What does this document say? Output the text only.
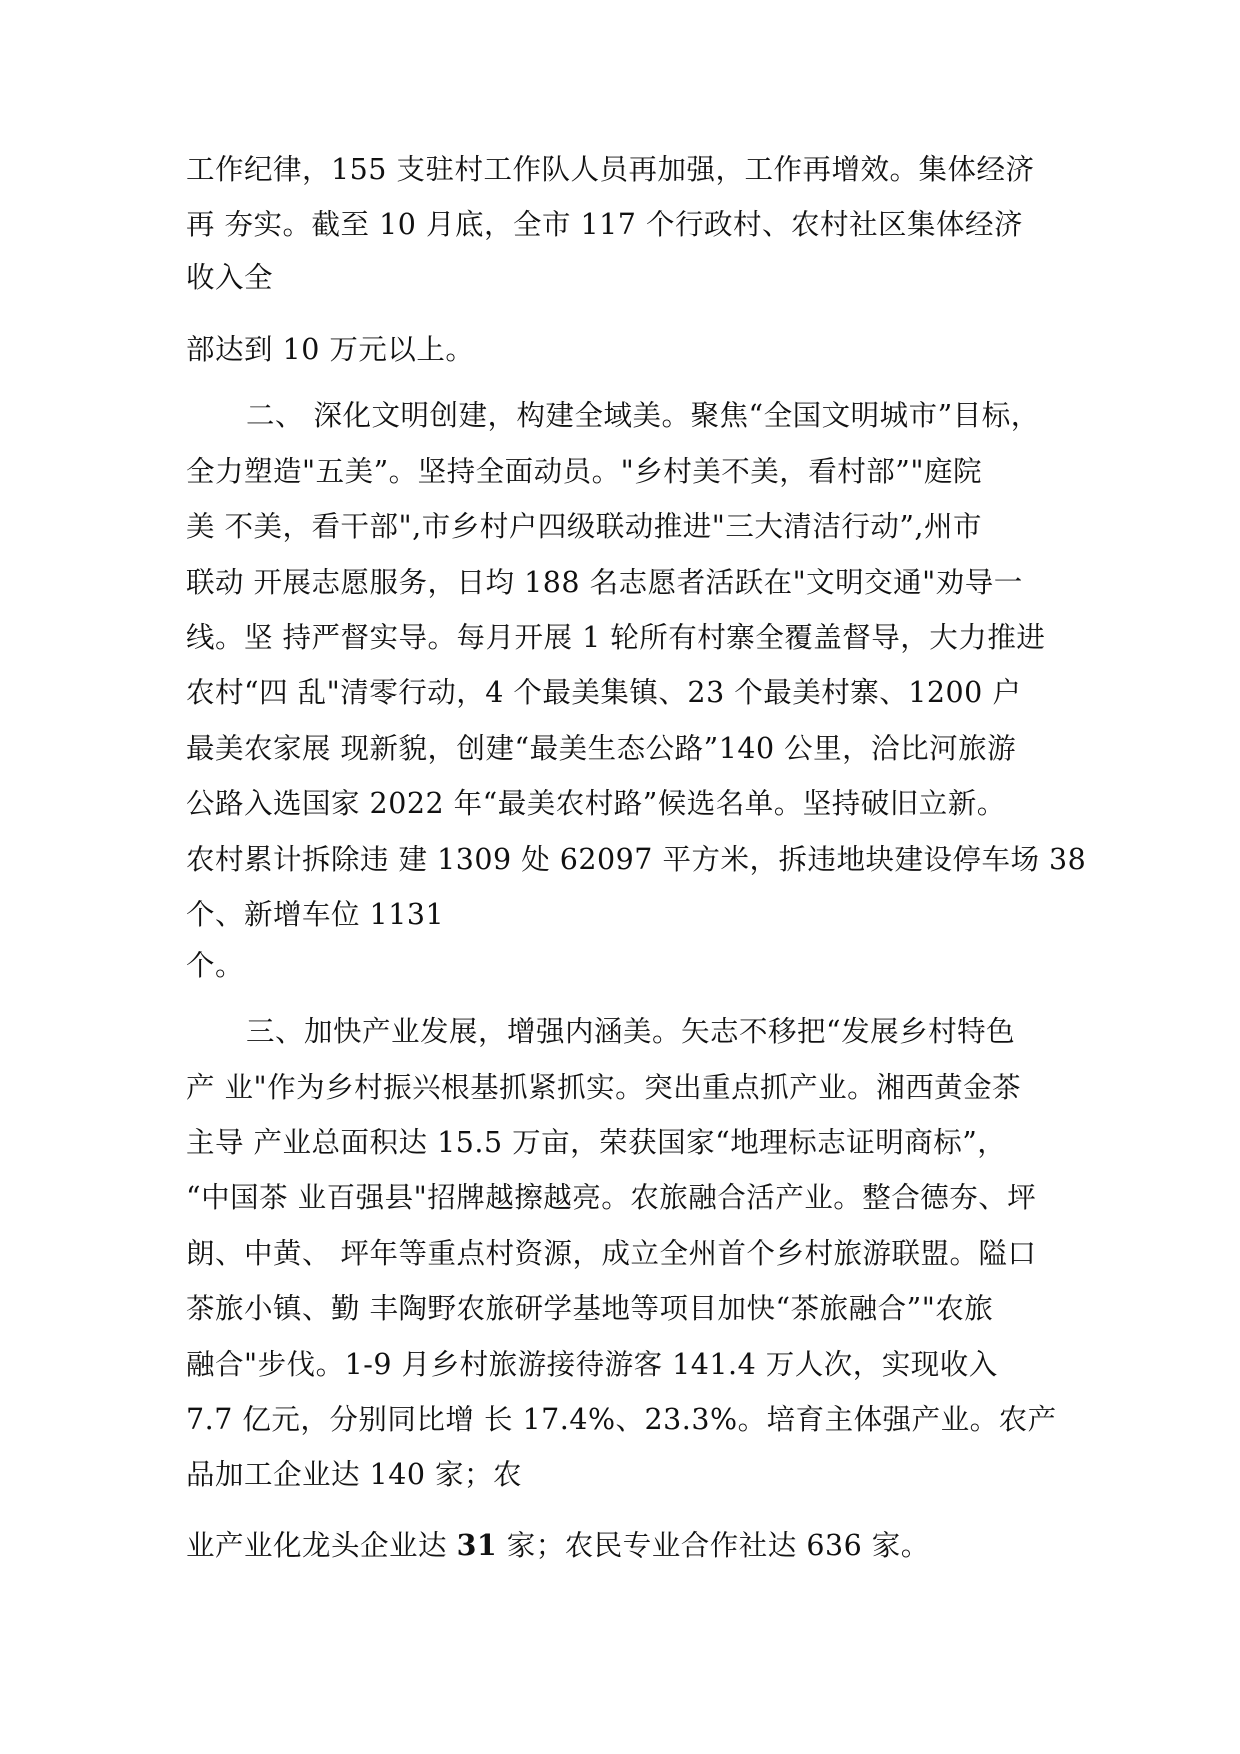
工作纪律，155 支驻村工作队人员再加强，工作再增效。集体经济
再 夯实。截至 10 月底，全市 117 个行政村、农村社区集体经济
收入全
部达到 10 万元以上。
二、 深化文明创建，构建全域美。聚焦“全国文明城市”目标，
全力塑造"五美”。坚持全面动员。"乡村美不美，看村部”"庭院
美 不美，看干部",市乡村户四级联动推进"三大清洁行动”,州市
联动 开展志愿服务，日均 188 名志愿者活跃在"文明交通"劝导一
线。坚 持严督实导。每月开展 1 轮所有村寨全覆盖督导，大力推进
农村“四 乱"清零行动，4 个最美集镇、23 个最美村寨、1200 户
最美农家展 现新貌，创建“最美生态公路”140 公里，洽比河旅游
公路入选国家 2022 年“最美农村路”候选名单。坚持破旧立新。
农村累计拆除违 建 1309 处 62097 平方米，拆违地块建设停车场 38
个、新增车位 1131
个。
三、加快产业发展，增强内涵美。矢志不移把“发展乡村特色
产 业"作为乡村振兴根基抓紧抓实。突出重点抓产业。湘西黄金茶
主导 产业总面积达 15.5 万亩，荣获国家“地理标志证明商标”，
“中国茶 业百强县"招牌越擦越亮。农旅融合活产业。整合德夯、坪
朗、中黄、 坪年等重点村资源，成立全州首个乡村旅游联盟。隘口
茶旅小镇、勤 丰陶野农旅研学基地等项目加快“茶旅融合”"农旅
融合"步伐。1-9 月乡村旅游接待游客 141.4 万人次，实现收入
7.7 亿元，分别同比增 长 17.4%、23.3%。培育主体强产业。农产
品加工企业达 140 家；农
业产业化龙头企业达 31 家；农民专业合作社达 636 家。
